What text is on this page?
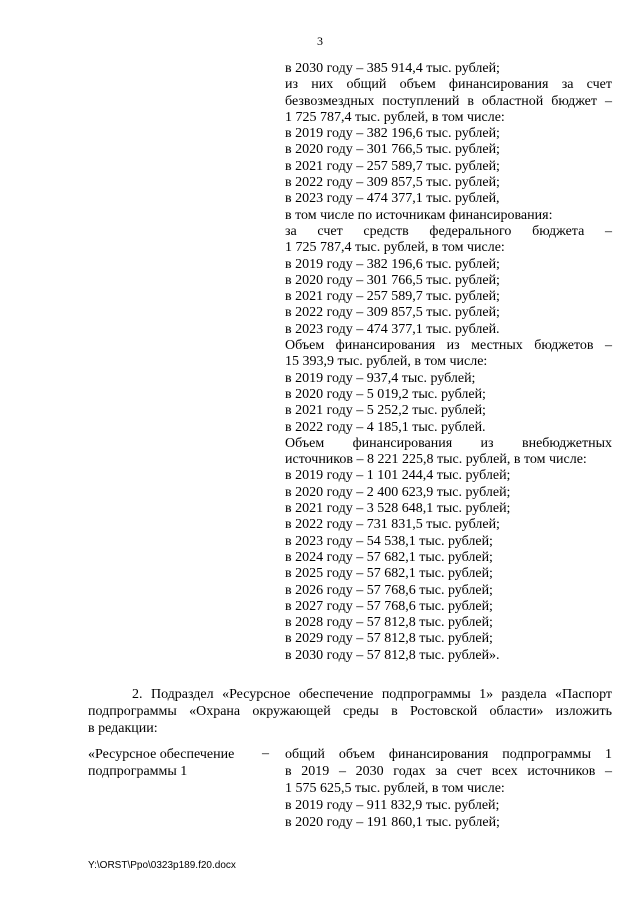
3
в 2030 году – 385 914,4 тыс. рублей;
из них общий объем финансирования за счет
безвозмездных поступлений в областной бюджет –
1 725 787,4 тыс. рублей, в том числе:
в 2019 году – 382 196,6 тыс. рублей;
в 2020 году – 301 766,5 тыс. рублей;
в 2021 году – 257 589,7 тыс. рублей;
в 2022 году – 309 857,5 тыс. рублей;
в 2023 году – 474 377,1 тыс. рублей,
в том числе по источникам финансирования:
за счет средств федерального бюджета –
1 725 787,4 тыс. рублей, в том числе:
в 2019 году – 382 196,6 тыс. рублей;
в 2020 году – 301 766,5 тыс. рублей;
в 2021 году – 257 589,7 тыс. рублей;
в 2022 году – 309 857,5 тыс. рублей;
в 2023 году – 474 377,1 тыс. рублей.
Объем финансирования из местных бюджетов –
15 393,9 тыс. рублей, в том числе:
в 2019 году – 937,4 тыс. рублей;
в 2020 году – 5 019,2 тыс. рублей;
в 2021 году – 5 252,2 тыс. рублей;
в 2022 году – 4 185,1 тыс. рублей.
Объем финансирования из внебюджетных
источников – 8 221 225,8 тыс. рублей, в том числе:
в 2019 году – 1 101 244,4 тыс. рублей;
в 2020 году – 2 400 623,9 тыс. рублей;
в 2021 году – 3 528 648,1 тыс. рублей;
в 2022 году – 731 831,5 тыс. рублей;
в 2023 году – 54 538,1 тыс. рублей;
в 2024 году – 57 682,1 тыс. рублей;
в 2025 году – 57 682,1 тыс. рублей;
в 2026 году – 57 768,6 тыс. рублей;
в 2027 году – 57 768,6 тыс. рублей;
в 2028 году – 57 812,8 тыс. рублей;
в 2029 году – 57 812,8 тыс. рублей;
в 2030 году – 57 812,8 тыс. рублей».
2. Подраздел «Ресурсное обеспечение подпрограммы 1» раздела «Паспорт
подпрограммы «Охрана окружающей среды в Ростовской области» изложить
в редакции:
«Ресурсное обеспечение
подпрограммы 1
– общий объем финансирования подпрограммы 1
в 2019 – 2030 годах за счет всех источников –
1 575 625,5 тыс. рублей, в том числе:
в 2019 году – 911 832,9 тыс. рублей;
в 2020 году – 191 860,1 тыс. рублей;
Y:\ORST\Ppo\0323p189.f20.docx
